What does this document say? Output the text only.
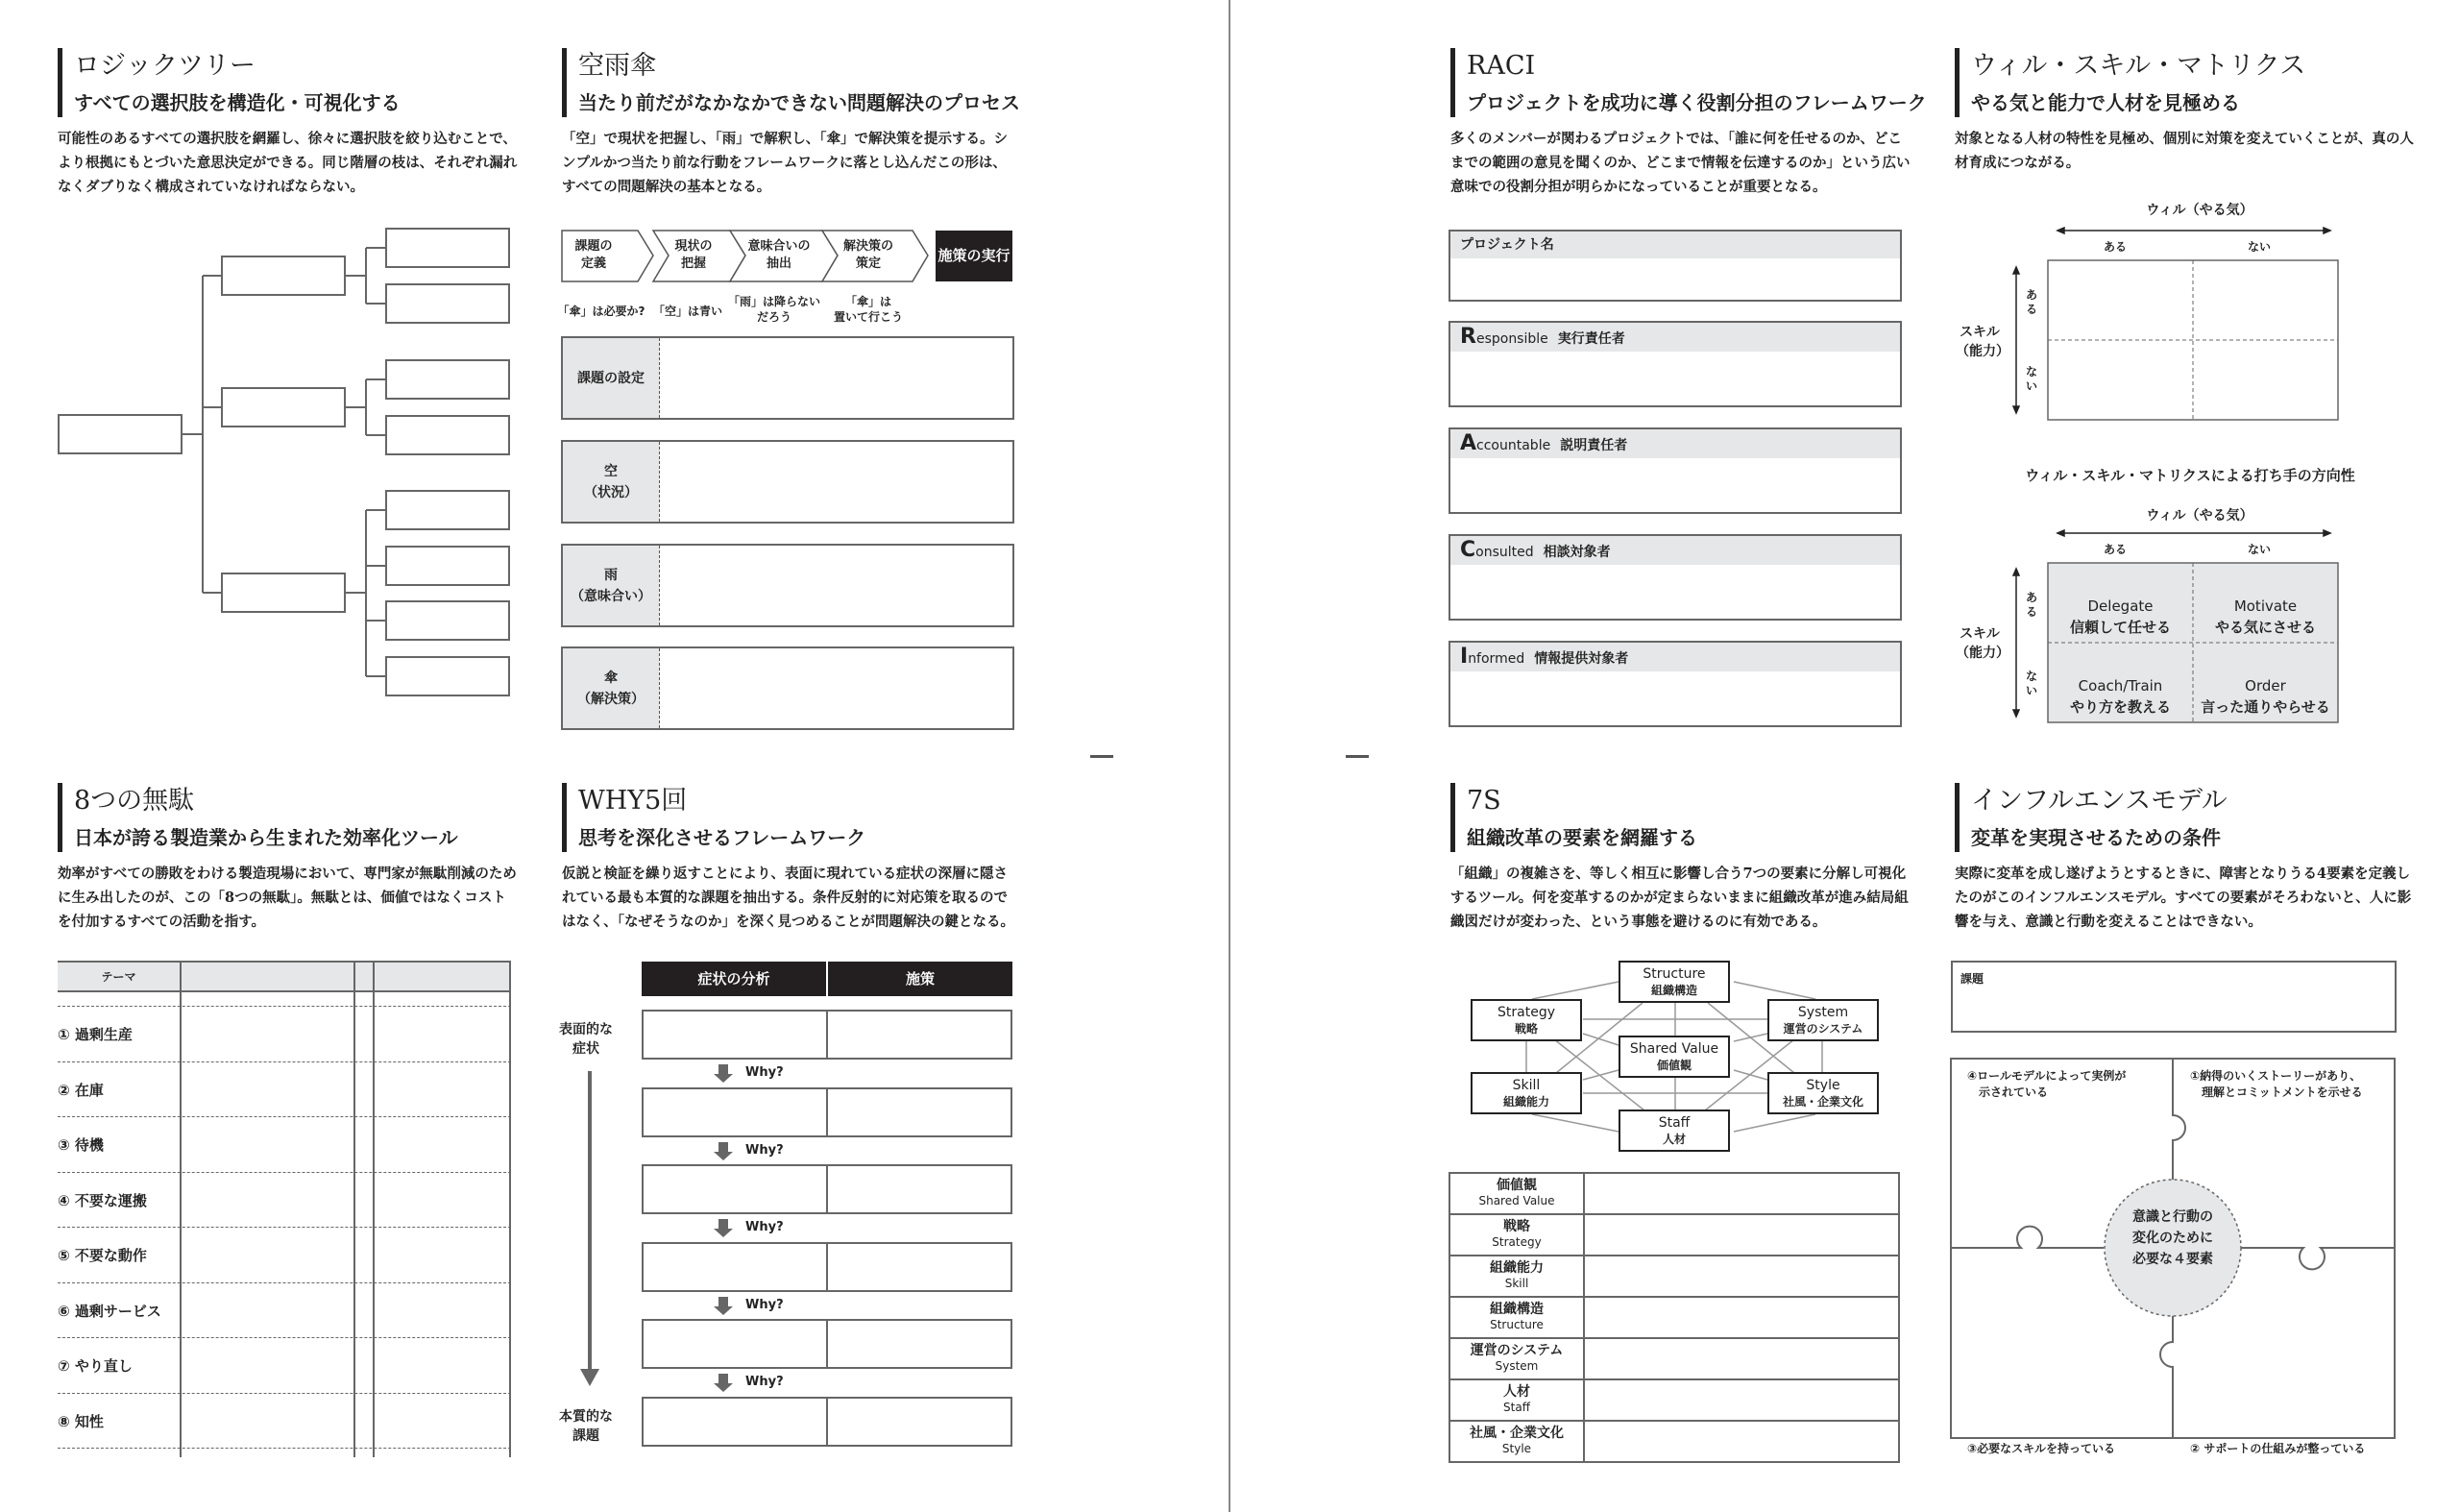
ロジックツリー
すべての選択肢を構造化・可視化する
可能性のあるすべての選択肢を網羅し、徐々に選択肢を絞り込むことで、より根拠にもとづいた意思決定ができる。同じ階層の枝は、それぞれ漏れなくダブりなく構成されていなければならない。
空雨傘
当たり前だがなかなかできない問題解決のプロセス
「空」で現状を把握し、「雨」で解釈し、「傘」で解決策を提示する。シンプルかつ当たり前な行動をフレームワークに落とし込んだこの形は、すべての問題解決の基本となる。
課題の
定義
現状の
把握
意味合いの
抽出
解決策の
策定	施策の実行
「傘」は必要か? 「空」は青い
「雨」は降らない
だろう
「傘」は
置いて行こう
課題の設定
空
（状況）
雨
（意味合い）
傘
（解決策）
RACI
プロジェクトを成功に導く役割分担のフレームワーク
多くのメンバーが関わるプロジェクトでは、「誰に何を任せるのか、どこまでの範囲の意見を聞くのか、どこまで情報を伝達するのか」という広い意味での役割分担が明らかになっていることが重要となる。
プロジェクト名
Responsible 実行責任者
Accountable 説明責任者
Consulted 相談対象者
Informed 情報提供対象者
ウィル・スキル・マトリクス
やる気と能力で人材を見極める
対象となる人材の特性を見極め、個別に対策を変えていくことが、真の人材育成につながる。
ウィル（やる気）
ある	ない
ある
ない
スキル
（能力）
ウィル・スキル・マトリクスによる打ち手の方向性
ウィル（やる気）
ある	ない
ある
ない
スキル
（能力）
Delegate
信頼して任せる
Motivate
やる気にさせる
Coach/Train
やり方を教える
Order
言った通りやらせる
8つの無駄
日本が誇る製造業から生まれた効率化ツール
効率がすべての勝敗をわける製造現場において、専門家が無駄削減のために生み出したのが、この「8つの無駄」。無駄とは、価値ではなくコストを付加するすべての活動を指す。
テーマ
① 過剰生産
② 在庫
③ 待機
④ 不要な運搬
⑤ 不要な動作
⑥ 過剰サービス
⑦ やり直し
⑧ 知性
WHY5回
思考を深化させるフレームワーク
仮説と検証を繰り返すことにより、表面に現れている症状の深層に隠されている最も本質的な課題を抽出する。条件反射的に対応策を取るのではなく、「なぜそうなのか」を深く見つめることが問題解決の鍵となる。
症状の分析	施策
表面的な
症状
本質的な
課題
Why?
Why?
Why?
Why?
Why?
7S
組織改革の要素を網羅する
「組織」の複雑さを、等しく相互に影響し合う7つの要素に分解し可視化するツール。何を変革するのかが定まらないままに組織改革が進み結局組織図だけが変わった、という事態を避けるのに有効である。
Structure
組織構造
Strategy
戦略
System
運営のシステム
Shared Value
価値観
Skill
組織能力
Style
社風・企業文化
Staff
人材
価値観
Shared Value
戦略
Strategy
組織能力
Skill
組織構造
Structure
運営のシステム
System
人材
Staff
社風・企業文化
Style
インフルエンスモデル
変革を実現させるための条件
実際に変革を成し遂げようとするときに、障害となりうる4要素を定義したのがこのインフルエンスモデル。すべての要素がそろわないと、人に影響を与え、意識と行動を変えることはできない。
課題
意識と行動の
変化のために
必要な４要素
④ロールモデルによって実例が
　示されている
①納得のいくストーリーがあり、
　理解とコミットメントを示せる
③必要なスキルを持っている	② サポートの仕組みが整っている
